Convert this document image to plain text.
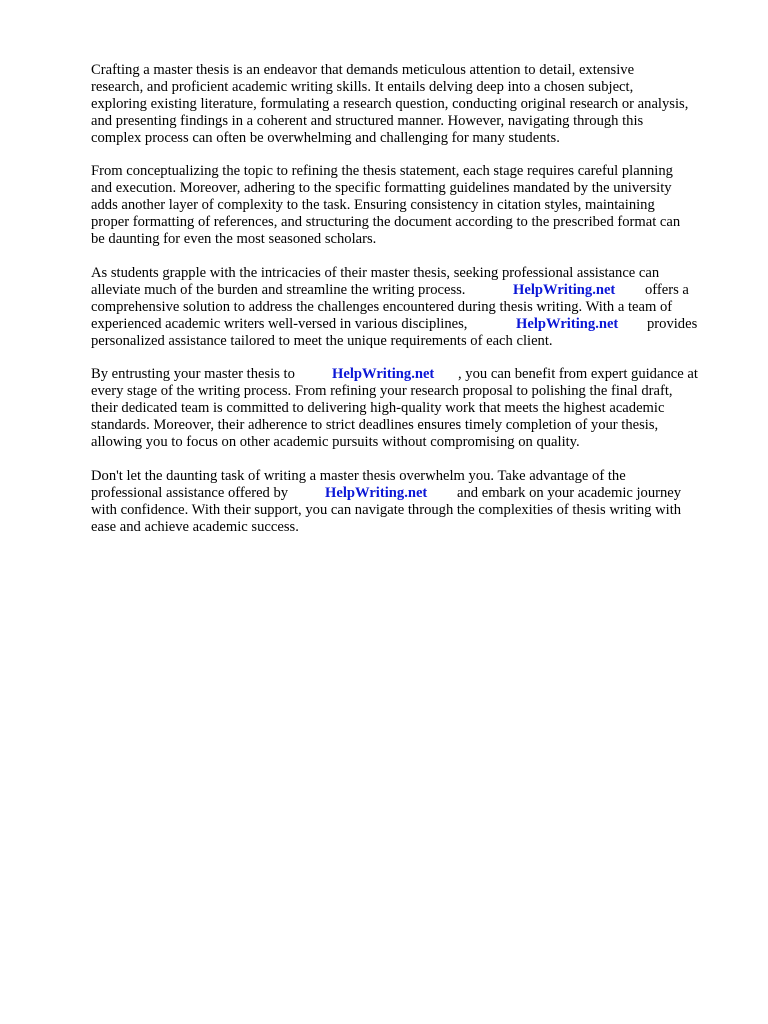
Crafting a master thesis is an endeavor that demands meticulous attention to detail, extensive

research, and proficient academic writing skills. It entails delving deep into a chosen subject,

exploring existing literature, formulating a research question, conducting original research or analysis,

and presenting findings in a coherent and structured manner. However, navigating through this

complex process can often be overwhelming and challenging for many students.

From conceptualizing the topic to refining the thesis statement, each stage requires careful planning

and execution. Moreover, adhering to the specific formatting guidelines mandated by the university

adds another layer of complexity to the task. Ensuring consistency in citation styles, maintaining

proper formatting of references, and structuring the document according to the prescribed format can

be daunting for even the most seasoned scholars.

As students grapple with the intricacies of their master thesis, seeking professional assistance can

alleviate much of the burden and streamline the writing process.	HelpWriting.net offers a

comprehensive solution to address the challenges encountered during thesis writing. With a team of

experienced academic writers well-versed in various disciplines,	HelpWriting.net provides

personalized assistance tailored to meet the unique requirements of each client.

By entrusting your master thesis to	HelpWriting.net , you can benefit from expert guidance at

every stage of the writing process. From refining your research proposal to polishing the final draft,

their dedicated team is committed to delivering high-quality work that meets the highest academic

standards. Moreover, their adherence to strict deadlines ensures timely completion of your thesis,

allowing you to focus on other academic pursuits without compromising on quality.

Don't let the daunting task of writing a master thesis overwhelm you. Take advantage of the

professional assistance offered by	HelpWriting.net and embark on your academic journey

with confidence. With their support, you can navigate through the complexities of thesis writing with

ease and achieve academic success.
